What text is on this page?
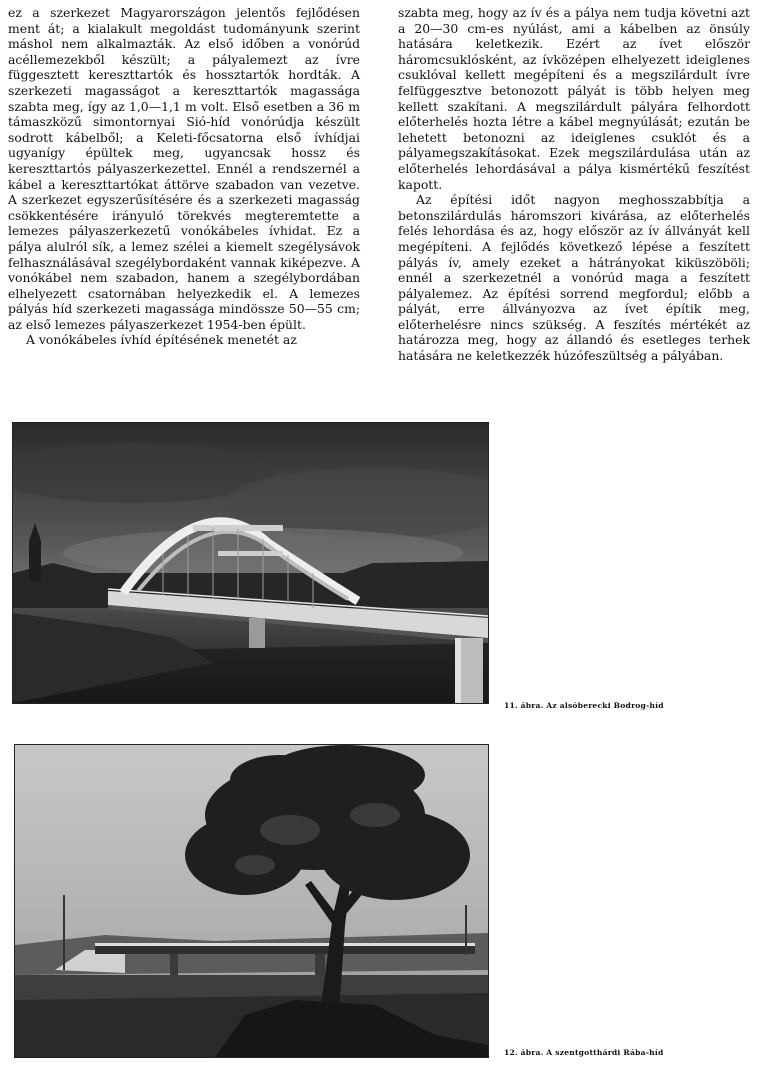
ez a szerkezet Magyarországon jelentős fejlődésen ment át; a kialakult megoldást tudományunk szerint máshol nem alkalmazták. Az első időben a vonórúd acéllemezekből készült; a pályalemezt az ívre függesztett kereszttartók és hossztartók hordták. A szerkezeti magasságot a kereszttartók magassága szabta meg, így az 1,0—1,1 m volt. Első esetben a 36 m támaszközű simontornyai Sió-híd vonórúdja készült sodrott kábelből; a Keleti-főcsatorna első ívhídjai ugyanígy épültek meg, ugyancsak hossz és kereszttartós pályaszerkezettel. Ennél a rendszernél a kábel a kereszttartókat áttörve szabadon van vezetve. A szerkezet egyszerűsítésére és a szerkezeti magasság csökkentésére irányuló törekvés megteremtette a lemezes pályaszerkezetű vonókábeles ívhidat. Ez a pálya alulról sík, a lemez szélei a kiemelt szegélysávok felhasználásával szegélybordaként vannak kiképezve. A vonókábel nem szabadon, hanem a szegélybordában elhelyezett csatornában helyezkedik el. A lemezes pályás híd szerkezeti magassága mindössze 50—55 cm; az első lemezes pályaszerkezet 1954-ben épült.

A vonókábeles ívhíd építésének menetét az

szabta meg, hogy az ív és a pálya nem tudja követni azt a 20—30 cm-es nyúlást, ami a kábelben az önsúly hatására keletkezik. Ezért az ívet először háromcsuklósként, az ívközépen elhelyezett ideiglenes csuklóval kellett megépíteni és a megszilárdult ívre felfüggesztve betonozott pályát is több helyen meg kellett szakítani. A megszilárdult pályára felhordott előterhelés hozta létre a kábel megnyúlását; ezután be lehetett betonozni az ideiglenes csuklót és a pályamegszakításokat. Ezek megszilárdulása után az előterhelés lehordásával a pálya kismértékű feszítést kapott.

Az építési időt nagyon meghosszabbítja a betonszilárdulás háromszori kivárása, az előterhelés felés lehordása és az, hogy először az ív állványát kell megépíteni. A fejlődés következő lépése a feszített pályás ív, amely ezeket a hátrányokat kiküszöböli; ennél a szerkezetnél a vonórúd maga a feszített pályalemez. Az építési sorrend megfordul; előbb a pályát, erre állványozva az ívet építik meg, előterhelésre nincs szükség. A feszítés mértékét az határozza meg, hogy az állandó és esetleges terhek hatására ne keletkezzék húzófeszültség a pályában.

11. ábra. Az alsóberecki Bodrog-híd
12. ábra. A szentgotthárdi Rába-híd
